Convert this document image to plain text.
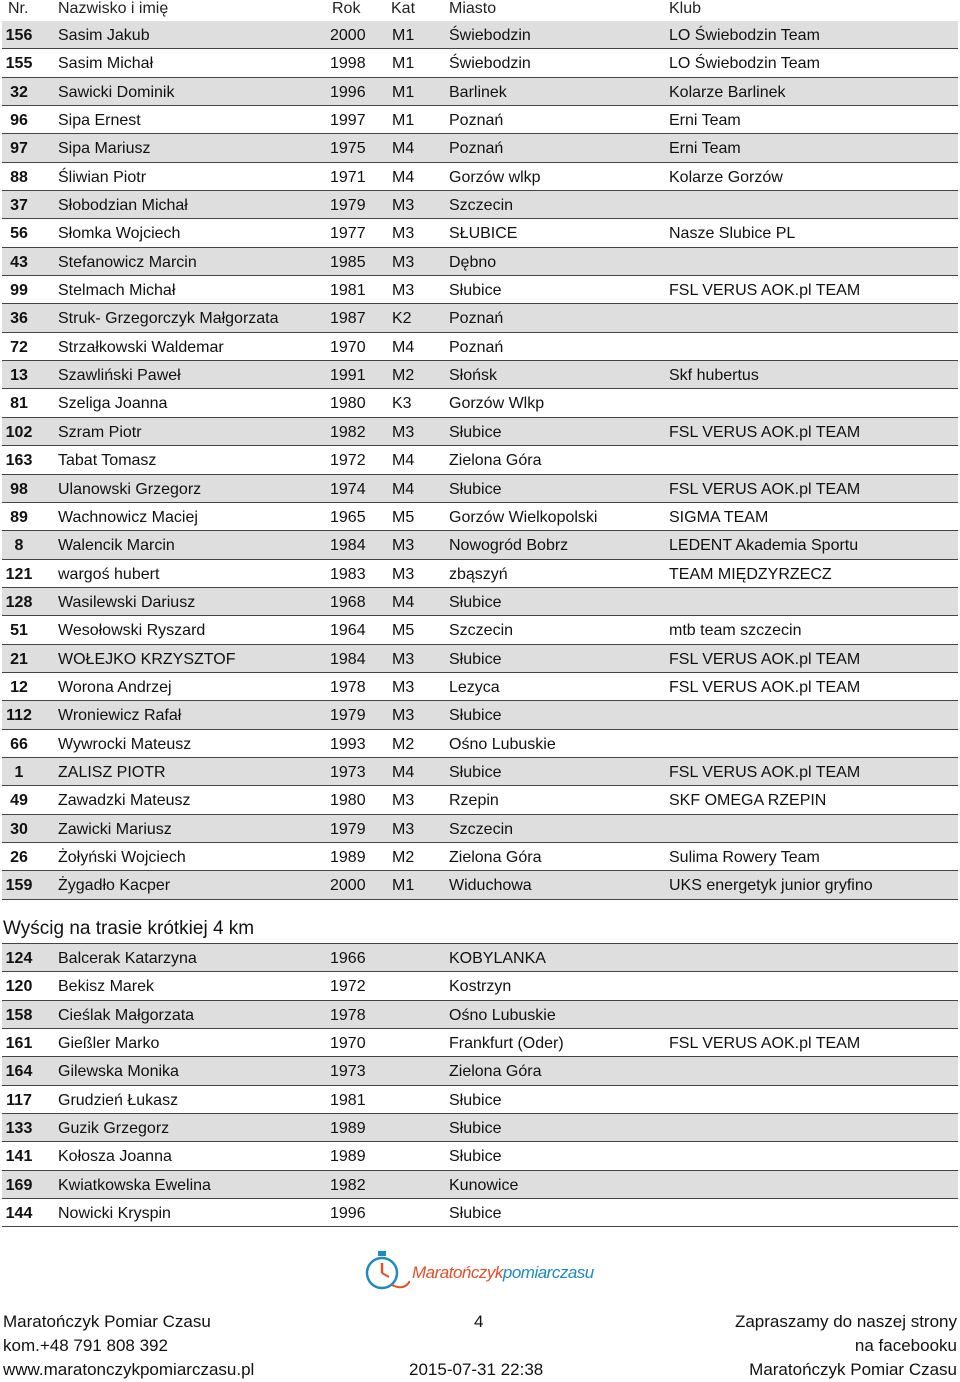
Nr. Nazwisko i imię	Rok Kat Miasto	Klub
156 Sasim Jakub	2000 M1 Świebodzin	LO Świebodzin Team
155 Sasim Michał	1998 M1 Świebodzin	LO Świebodzin Team
32	Sawicki Dominik	1996 M1 Barlinek	Kolarze Barlinek
96	Sipa Ernest	1997 M1 Poznań	Erni Team
97	Sipa Mariusz	1975 M4 Poznań	Erni Team
88	Śliwian Piotr	1971 M4 Gorzów wlkp	Kolarze Gorzów
37	Słobodzian Michał	1979 M3 Szczecin
56	Słomka Wojciech	1977 M3 SŁUBICE	Nasze Slubice PL
43	Stefanowicz Marcin	1985 M3 Dębno
99	Stelmach Michał	1981 M3 Słubice	FSL VERUS AOK.pl TEAM
36	Struk- Grzegorczyk Małgorzata	1987 K2 Poznań
72	Strzałkowski Waldemar	1970 M4 Poznań
13	Szawliński Paweł	1991 M2 Słońsk	Skf hubertus
81	Szeliga Joanna	1980 K3 Gorzów Wlkp
102 Szram Piotr	1982 M3 Słubice	FSL VERUS AOK.pl TEAM
163 Tabat Tomasz	1972 M4 Zielona Góra
98	Ulanowski Grzegorz	1974 M4 Słubice	FSL VERUS AOK.pl TEAM
89	Wachnowicz Maciej	1965 M5 Gorzów Wielkopolski	SIGMA TEAM
8	Walencik Marcin	1984 M3 Nowogród Bobrz	LEDENT Akademia Sportu
121 wargoś hubert	1983 M3 zbąszyń	TEAM MIĘDZYRZECZ
128 Wasilewski Dariusz	1968 M4 Słubice
51	Wesołowski Ryszard	1964 M5 Szczecin	mtb team szczecin
21	WOŁEJKO KRZYSZTOF	1984 M3 Słubice	FSL VERUS AOK.pl TEAM
12	Worona Andrzej	1978 M3 Lezyca	FSL VERUS AOK.pl TEAM
112 Wroniewicz Rafał	1979 M3 Słubice
66	Wywrocki Mateusz	1993 M2 Ośno Lubuskie
1	ZALISZ PIOTR	1973 M4 Słubice	FSL VERUS AOK.pl TEAM
49	Zawadzki Mateusz	1980 M3 Rzepin	SKF OMEGA RZEPIN
30	Zawicki Mariusz	1979 M3 Szczecin
26	Żołyński Wojciech	1989 M2 Zielona Góra	Sulima Rowery Team
159 Żygadło Kacper	2000 M1 Widuchowa	UKS energetyk junior gryfino
Wyścig na trasie krótkiej 4 km
124 Balcerak Katarzyna	1966	KOBYLANKA
120 Bekisz Marek	1972	Kostrzyn
158 Cieślak Małgorzata	1978	Ośno Lubuskie
161 Gießler Marko	1970	Frankfurt (Oder)	FSL VERUS AOK.pl TEAM
164 Gilewska Monika	1973	Zielona Góra
117 Grudzień Łukasz	1981	Słubice
133 Guzik Grzegorz	1989	Słubice
141 Kołosza Joanna	1989	Słubice
169 Kwiatkowska Ewelina	1982	Kunowice
144 Nowicki Kryspin	1996	Słubice
Maratończykpomiarczasu
Maratończyk Pomiar Czasu
kom.+48 791 808 392
www.maratonczykpomiarczasu.pl
4
2015-07-31 22:38
Zapraszamy do naszej strony
na facebooku
Maratończyk Pomiar Czasu
